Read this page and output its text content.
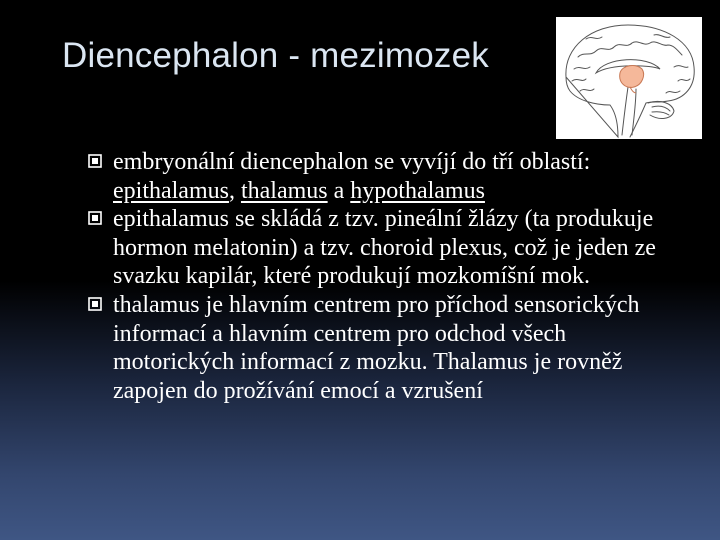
Diencephalon - mezimozek
embryonální diencephalon se vyvíjí do tří oblastí: epithalamus, thalamus a hypothalamus
epithalamus se skládá z tzv. pineální žlázy (ta produkuje hormon melatonin) a tzv. choroid plexus, což je jeden ze svazku kapilár, které produkují mozkomíšní mok.
thalamus je hlavním centrem pro příchod sensorických informací a hlavním centrem pro odchod všech motorických informací z mozku. Thalamus je rovněž zapojen do prožívání emocí a vzrušení
